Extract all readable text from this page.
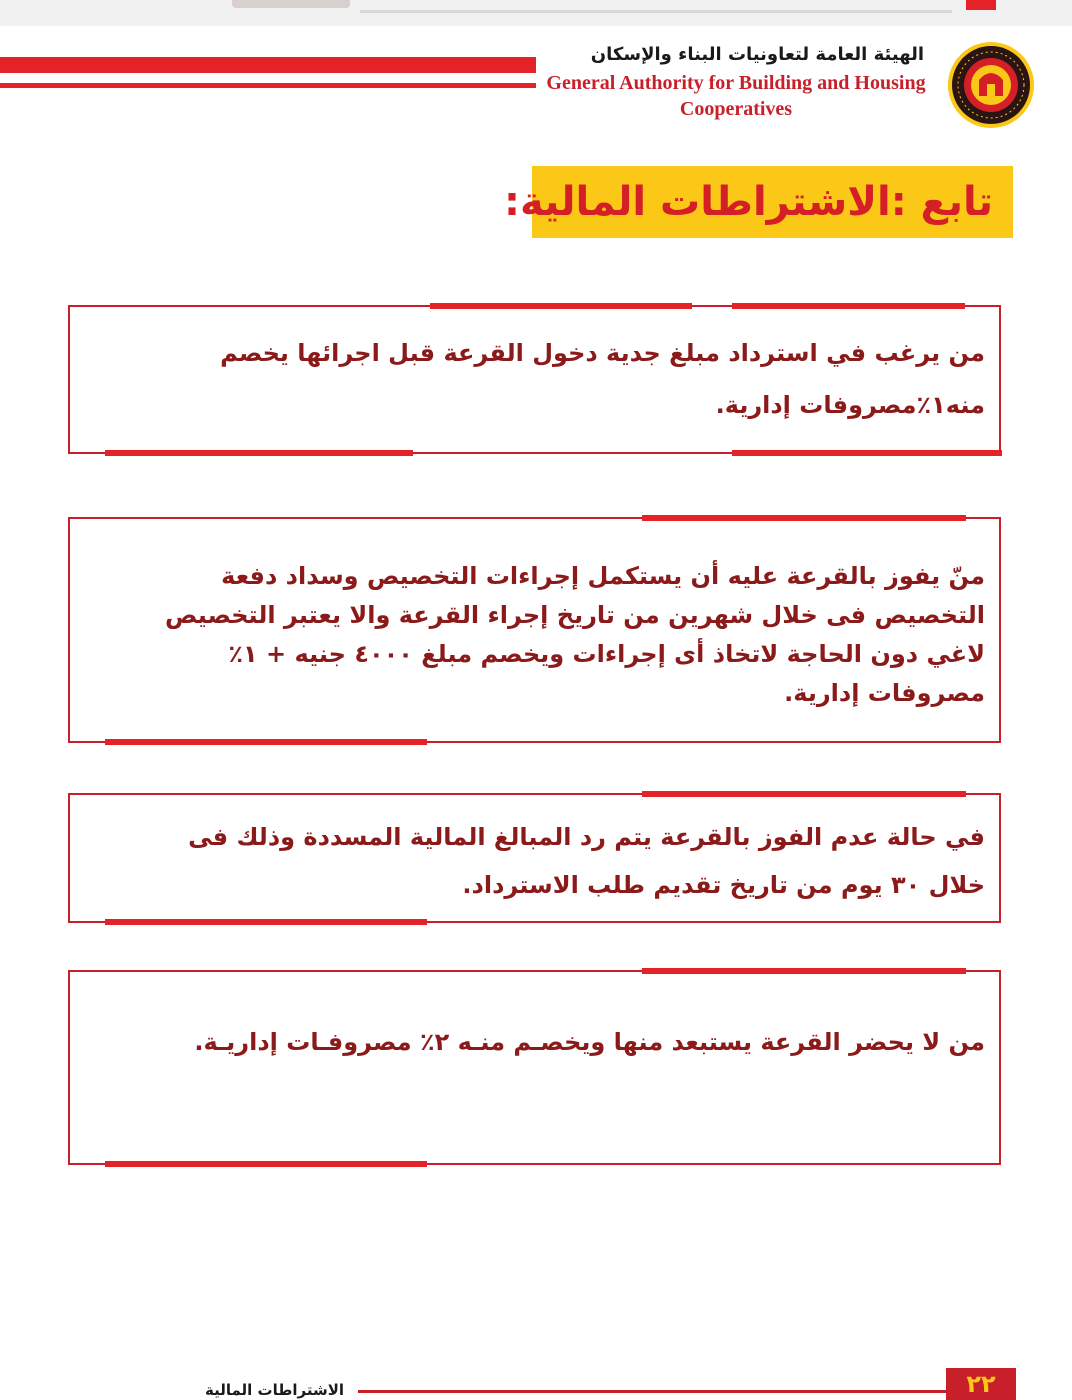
الهيئة العامة لتعاونيات البناء والإسكان
General Authority for Building and Housing Cooperatives
تابع :الاشتراطات المالية:

من يرغب في استرداد مبلغ جدية دخول القرعة قبل اجرائها يخصم منه١٪مصروفات إدارية.

منّ يفوز بالقرعة عليه أن يستكمل إجراءات التخصيص وسداد دفعة التخصيص فى خلال شهرين من تاريخ إجراء القرعة والا يعتبر التخصيص لاغي دون الحاجة لاتخاذ أى إجراءات ويخصم مبلغ ٤٠٠٠ جنيه + ١٪ مصروفات إدارية.

في حالة عدم الفوز بالقرعة يتم رد المبالغ المالية المسددة وذلك فى خلال ٣٠ يوم من تاريخ تقديم طلب الاسترداد.

من لا يحضر القرعة يستبعد منها ويخصـم منـه ٢٪ مصروفـات إداريـة.

الاشتراطات المالية	٢٢
